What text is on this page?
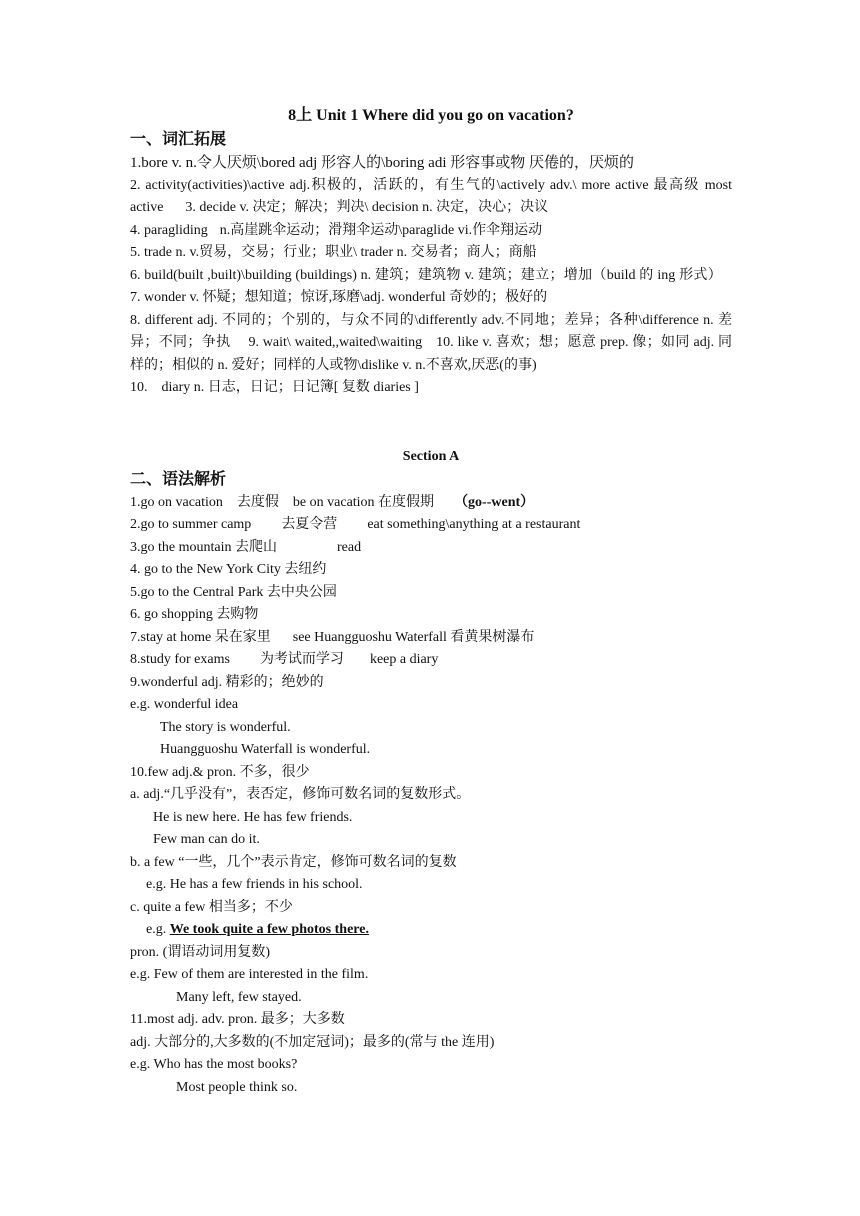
8上 Unit 1 Where did you go on vacation?
一、词汇拓展
1.bore v. n.令人厌烦\bored adj 形容人的\boring adi 形容事或物 厌倦的，厌烦的
2. activity(activities)\active adj.积极的，活跃的，有生气的\actively adv.\ more active 最高级 most active 3. decide v. 决定；解决；判决\ decision n. 决定，决心；决议
4. paragliding n.高崖跳伞运动；滑翔伞运动\paraglide vi.作伞翔运动
5. trade n. v.贸易，交易；行业；职业\ trader n. 交易者；商人；商船
6. build(built ,built)\building (buildings) n. 建筑；建筑物 v. 建筑；建立；增加（build 的 ing 形式）7. wonder v. 怀疑；想知道；惊讶,琢磨\adj. wonderful 奇妙的；极好的
8. different adj. 不同的；个别的，与众不同的\differently adv.不同地；差异；各种\difference n. 差异；不同；争执 9. wait\ waited,,waited\waiting 10. like v. 喜欢；想；愿意 prep. 像；如同 adj. 同样的；相似的 n. 爱好；同样的人或物\dislike v. n.不喜欢,厌恶(的事)
10. diary n. 日志，日记；日记簿[ 复数 diaries ]
Section A
二、语法解析
1.go on vacation 去度假 be on vacation 在度假期 （go--went）
2.go to summer camp 去夏令营 eat something\anything at a restaurant
3.go the mountain 去爬山	read
4. go to the New York City 去纽约
5.go to the Central Park 去中央公园
6. go shopping 去购物
7.stay at home 呆在家里 see Huangguoshu Waterfall 看黄果树瀑布
8.study for exams 为考试而学习 keep a diary
9.wonderful adj. 精彩的；绝妙的
e.g. wonderful idea
The story is wonderful.
Huangguoshu Waterfall is wonderful.
10.few adj.& pron. 不多，很少
a. adj.“几乎没有”，表否定，修饰可数名词的复数形式。
He is new here. He has few friends.
Few man can do it.
b. a few “一些，几个”表示肯定，修饰可数名词的复数
e.g. He has a few friends in his school.
c. quite a few 相当多；不少
e.g. We took quite a few photos there.
pron. (谓语动词用复数)
e.g. Few of them are interested in the film.
Many left, few stayed.
11.most adj. adv. pron. 最多；大多数
adj. 大部分的,大多数的(不加定冠词)；最多的(常与 the 连用)
e.g. Who has the most books?
Most people think so.
